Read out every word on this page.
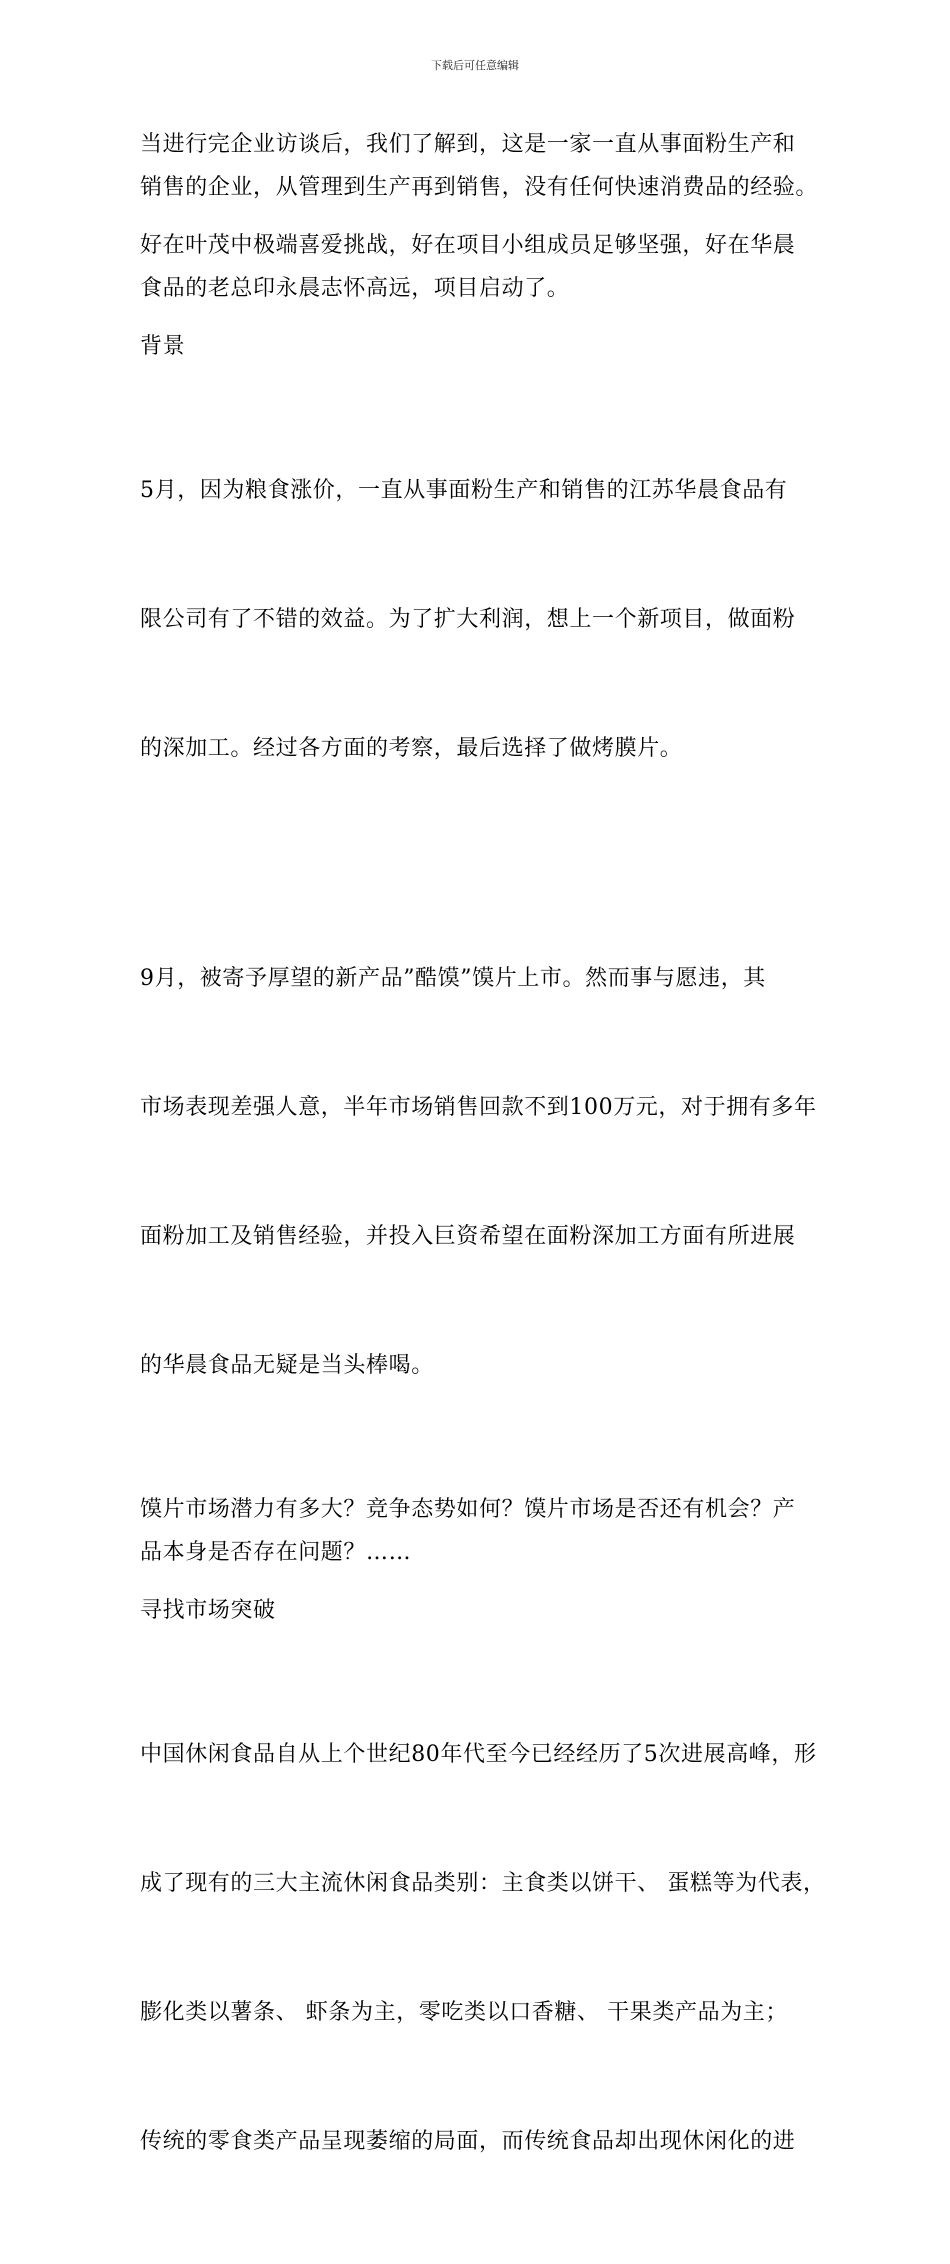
下载后可任意编辑
当进行完企业访谈后，我们了解到，这是一家一直从事面粉生产和
销售的企业，从管理到生产再到销售，没有任何快速消费品的经验。
好在叶茂中极端喜爱挑战，好在项目小组成员足够坚强，好在华晨
食品的老总印永晨志怀高远，项目启动了。
背景

5月，因为粮食涨价，一直从事面粉生产和销售的江苏华晨食品有

限公司有了不错的效益。为了扩大利润，想上一个新项目，做面粉

的深加工。经过各方面的考察，最后选择了做烤膜片。

9月，被寄予厚望的新产品”酷馍”馍片上市。然而事与愿违，其

市场表现差强人意，半年市场销售回款不到100万元，对于拥有多年

面粉加工及销售经验，并投入巨资希望在面粉深加工方面有所进展

的华晨食品无疑是当头棒喝。

馍片市场潜力有多大？竞争态势如何？馍片市场是否还有机会？产
品本身是否存在问题？……
寻找市场突破

中国休闲食品自从上个世纪80年代至今已经经历了5次进展高峰，形

成了现有的三大主流休闲食品类别：主食类以饼干、 蛋糕等为代表，

膨化类以薯条、 虾条为主，零吃类以口香糖、 干果类产品为主；

传统的零食类产品呈现萎缩的局面，而传统食品却出现休闲化的进
